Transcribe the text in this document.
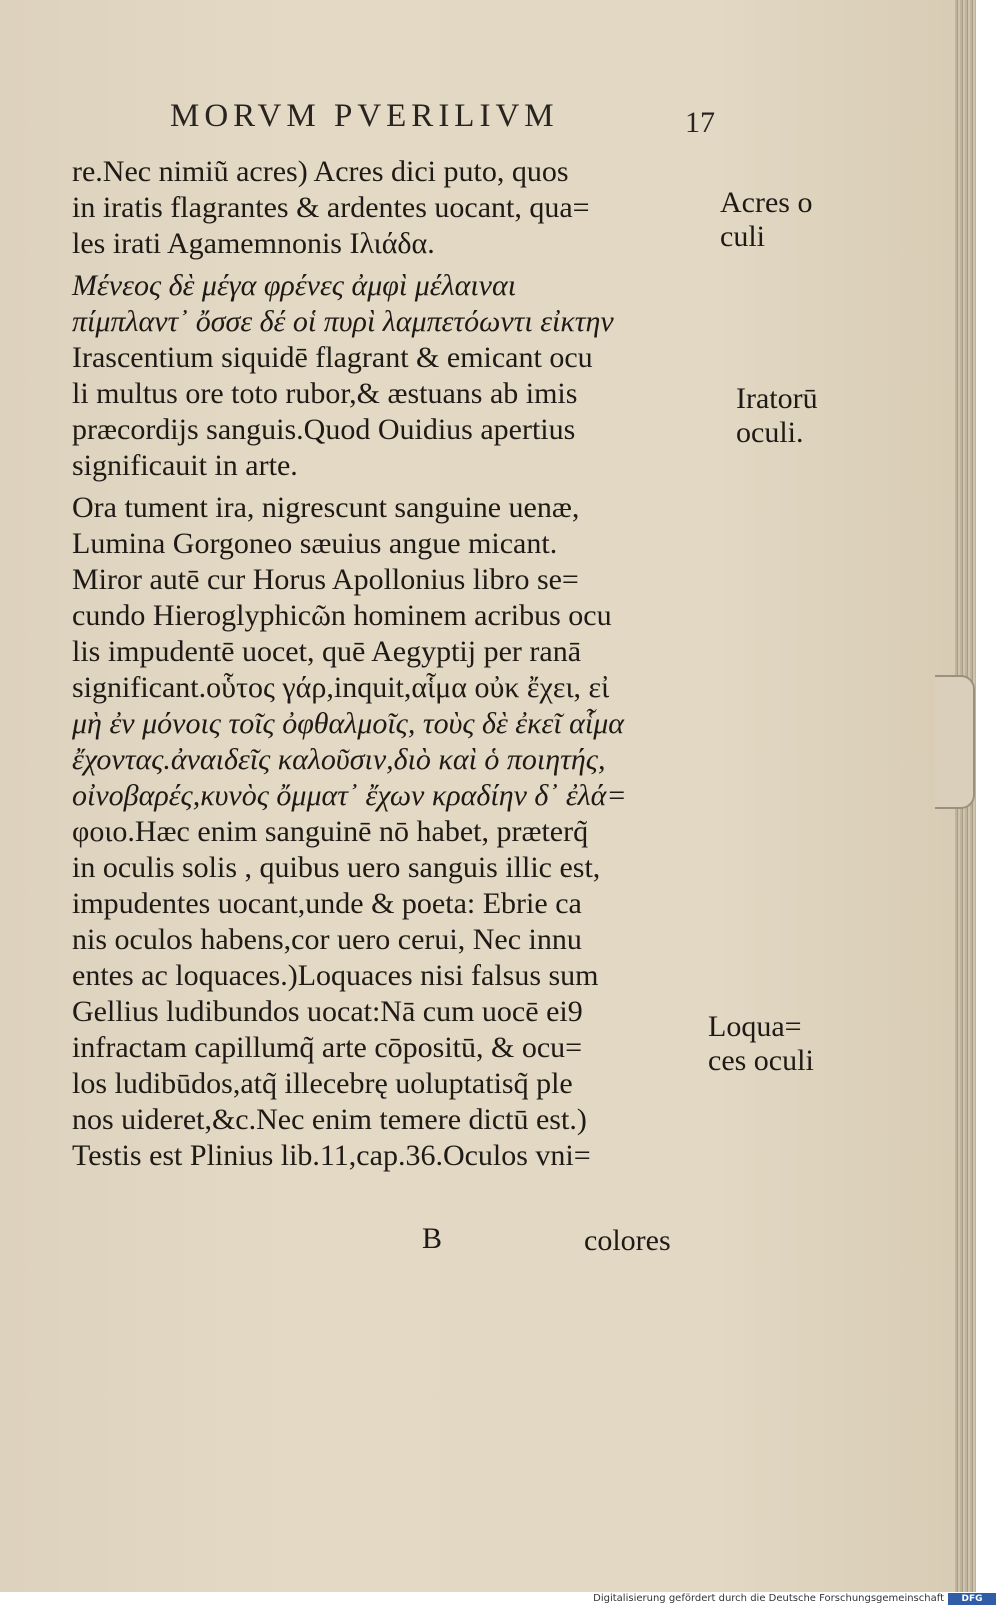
MORVM PVERILIVM	17
re.Nec nimiũ acres) Acres dici puto, quos
in iratis flagrantes & ardentes uocant, qua=
les irati Agamemnonis Ιλιάδα.
Μένεος δὲ μέγα φρένες ἀμφὶ μέλαιναι
πίμπλαντ᾿ ὄσσε δέ οἱ πυρὶ λαμπετόωντι εἰκτην
Irascentium siquidē flagrant & emicant ocu
li multus ore toto rubor,& æstuans ab imis
præcordijs sanguis.Quod Ouidius apertius
significauit in arte.
Ora tument ira, nigrescunt sanguine uenæ,
Lumina Gorgoneo sæuius angue micant.
Miror autē cur Horus Apollonius libro se=
cundo Hieroglyphicῶn hominem acribus ocu
lis impudentē uocet, quē Aegyptij per ranā
significant.οὗτος γάρ,inquit,αἷμα οὐκ ἔχει, εἰ
μὴ ἐν μόνοις τοῖς ὀφθαλμοῖς, τοὺς δὲ ἐκεῖ αἷμα
ἔχοντας.ἀναιδεῖς καλοῦσιν,διὸ καὶ ὁ ποιητής,
οἰνοβαρές,κυνὸς ὄμματ᾿ ἔχων κραδίην δ᾿ ἐλά=
φοιο.Hæc enim sanguinē nō habet, præterq̃
in oculis solis , quibus uero sanguis illic est,
impudentes uocant,unde & poeta: Ebrie ca
nis oculos habens,cor uero cerui, Nec innu
entes ac loquaces.)Loquaces nisi falsus sum
Gellius ludibundos uocat:Nā cum uocē ei9
infractam capillumq̃ arte cōpositū, & ocu=
los ludibūdos,atq̃ illecebrę uoluptatisq̃ ple
nos uideret,&c.Nec enim temere dictū est.)
Testis est Plinius lib.11,cap.36.Oculos vni=
B	colores
Acres o
culi
Iratorū
oculi.
Loqua=
ces oculi
Digitalisierung gefördert durch die Deutsche Forschungsgemeinschaft	DFG
